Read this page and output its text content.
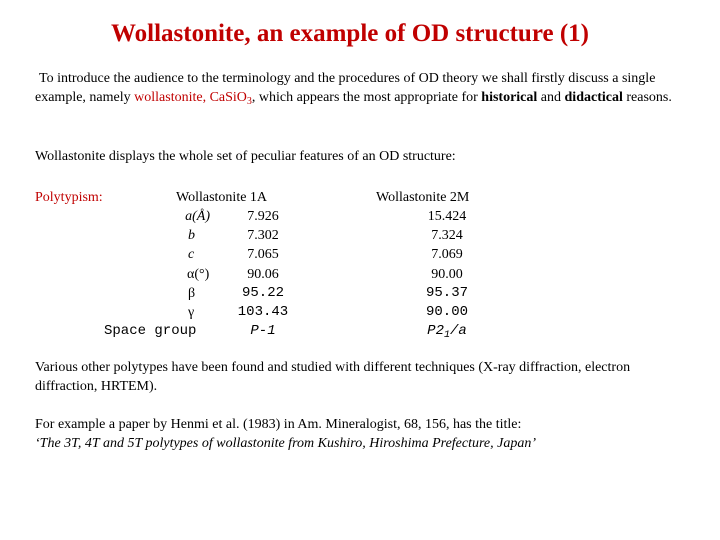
Wollastonite, an example of OD structure (1)
To introduce the audience to the terminology and the procedures of OD theory we shall firstly discuss a single example, namely wollastonite, CaSiO$_3$, which appears the most appropriate for historical and didactical reasons.
Wollastonite displays the whole set of peculiar features of an OD structure:
Polytypism:	Wollastonite 1A	Wollastonite 2M
a(Å)
b
c
α(°)
β
γ
Space group
7.926
7.302
7.065
90.06
95.22
103.43
P-1
15.424
7.324
7.069
90.00
95.37
90.00
$P2_1/a$
Various other polytypes have been found and studied with different techniques (X-ray diffraction, electron diffraction, HRTEM).
For example a paper by Henmi et al. (1983) in Am. Mineralogist, 68, 156, has the title:
‘The 3T, 4T and 5T polytypes of wollastonite from Kushiro, Hiroshima Prefecture, Japan’
